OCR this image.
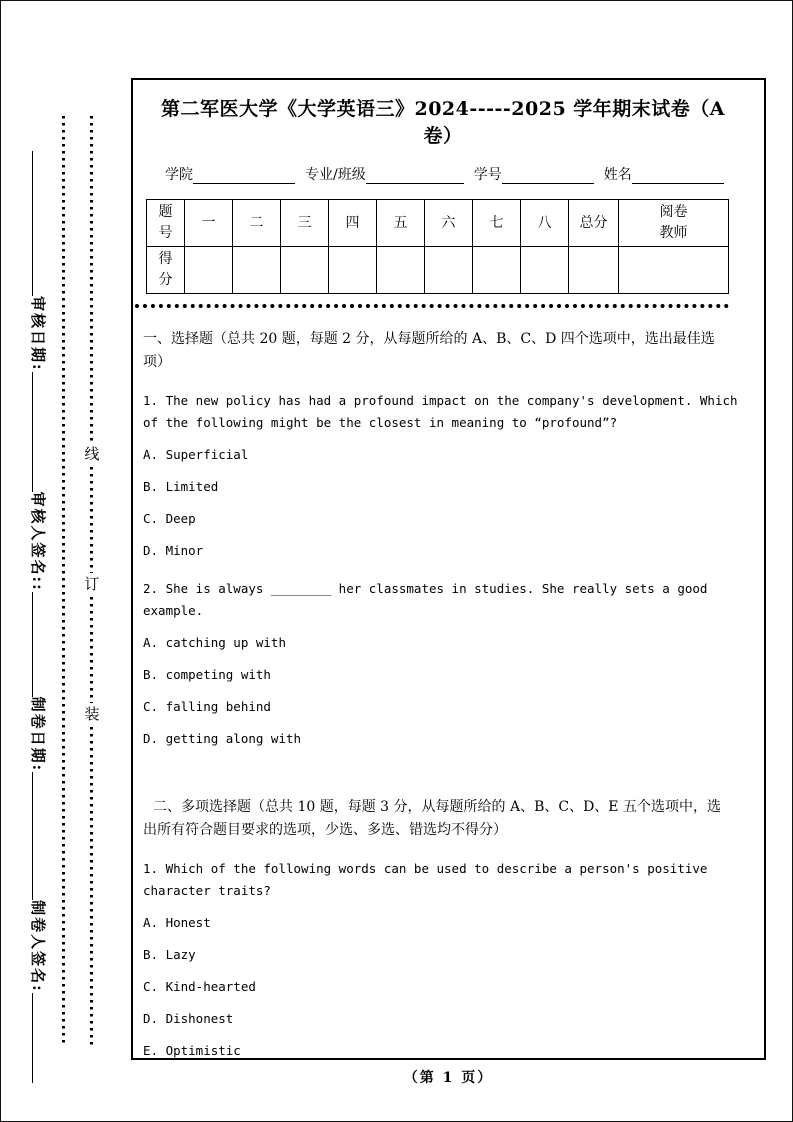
审核日期:
审核人签名::
制卷日期:
制卷人签名:
线
订
装
第二军医大学《大学英语三》2024-----2025 学年期末试卷（A 卷）
学院	专业/班级	学号	姓名
题号	一	二	三	四	五	六	七	八	总分	阅卷教师
得分										
一、选择题（总共 20 题，每题 2 分，从每题所给的 A、B、C、D 四个选项中，选出最佳选项）
1. The new policy has had a profound impact on the company's development. Which of the following might be the closest in meaning to “profound”?
A. Superficial
B. Limited
C. Deep
D. Minor
2. She is always ________ her classmates in studies. She really sets a good example.
A. catching up with
B. competing with
C. falling behind
D. getting along with
二、多项选择题（总共 10 题，每题 3 分，从每题所给的 A、B、C、D、E 五个选项中，选出所有符合题目要求的选项，少选、多选、错选均不得分）
1. Which of the following words can be used to describe a person's positive character traits?
A. Honest
B. Lazy
C. Kind-hearted
D. Dishonest
E. Optimistic
（第 1 页）
